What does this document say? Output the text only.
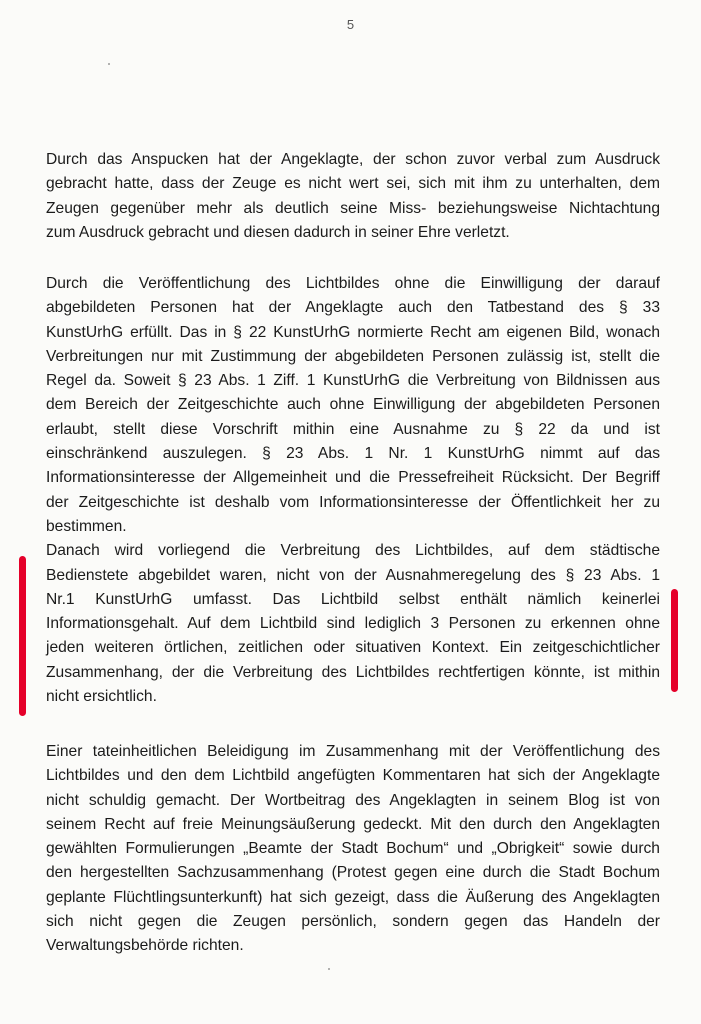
5
Durch das Anspucken hat der Angeklagte, der schon zuvor verbal zum Ausdruck
gebracht hatte, dass der Zeuge es nicht wert sei, sich mit ihm zu unterhalten, dem
Zeugen gegenüber mehr als deutlich seine Miss- beziehungsweise Nichtachtung
zum Ausdruck gebracht und diesen dadurch in seiner Ehre verletzt.
Durch die Veröffentlichung des Lichtbildes ohne die Einwilligung der darauf
abgebildeten Personen hat der Angeklagte auch den Tatbestand des § 33
KunstUrhG erfüllt. Das in § 22 KunstUrhG normierte Recht am eigenen Bild, wonach
Verbreitungen nur mit Zustimmung der abgebildeten Personen zulässig ist, stellt die
Regel da. Soweit § 23 Abs. 1 Ziff. 1 KunstUrhG die Verbreitung von Bildnissen aus
dem Bereich der Zeitgeschichte auch ohne Einwilligung der abgebildeten Personen
erlaubt, stellt diese Vorschrift mithin eine Ausnahme zu § 22 da und ist
einschränkend auszulegen. § 23 Abs. 1 Nr. 1 KunstUrhG nimmt auf das
Informationsinteresse der Allgemeinheit und die Pressefreiheit Rücksicht. Der Begriff
der Zeitgeschichte ist deshalb vom Informationsinteresse der Öffentlichkeit her zu
bestimmen.
Danach wird vorliegend die Verbreitung des Lichtbildes, auf dem städtische
Bedienstete abgebildet waren, nicht von der Ausnahmeregelung des § 23 Abs. 1
Nr.1 KunstUrhG umfasst. Das Lichtbild selbst enthält nämlich keinerlei
Informationsgehalt. Auf dem Lichtbild sind lediglich 3 Personen zu erkennen ohne
jeden weiteren örtlichen, zeitlichen oder situativen Kontext. Ein zeitgeschichtlicher
Zusammenhang, der die Verbreitung des Lichtbildes rechtfertigen könnte, ist mithin
nicht ersichtlich.
Einer tateinheitlichen Beleidigung im Zusammenhang mit der Veröffentlichung des
Lichtbildes und den dem Lichtbild angefügten Kommentaren hat sich der Angeklagte
nicht schuldig gemacht. Der Wortbeitrag des Angeklagten in seinem Blog ist von
seinem Recht auf freie Meinungsäußerung gedeckt. Mit den durch den Angeklagten
gewählten Formulierungen „Beamte der Stadt Bochum“ und „Obrigkeit“ sowie durch
den hergestellten Sachzusammenhang (Protest gegen eine durch die Stadt Bochum
geplante Flüchtlingsunterkunft) hat sich gezeigt, dass die Äußerung des Angeklagten
sich nicht gegen die Zeugen persönlich, sondern gegen das Handeln der
Verwaltungsbehörde richten.
